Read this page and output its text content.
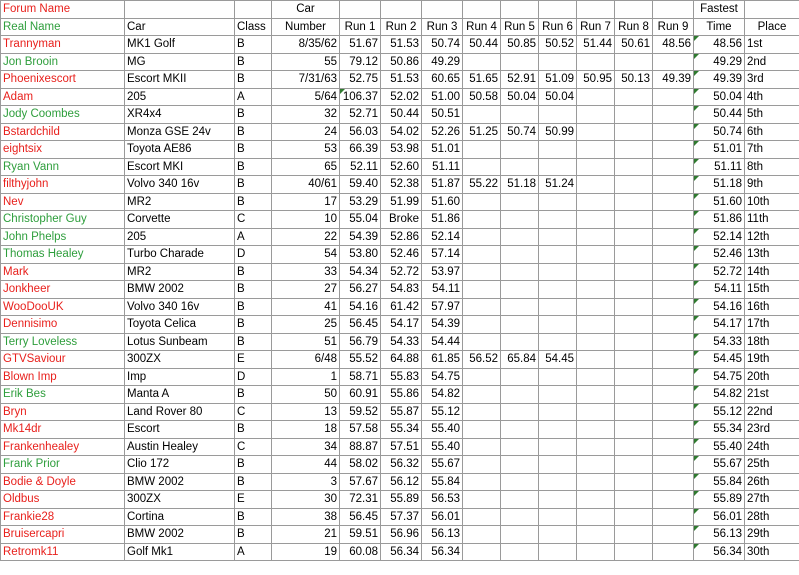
Forum Name			Car										Fastest	
Real Name	Car	Class	Number	Run 1	Run 2	Run 3	Run 4	Run 5	Run 6	Run 7	Run 8	Run 9	Time	Place
Trannyman	MK1 Golf	B	8/35/62	51.67	51.53	50.74	50.44	50.85	50.52	51.44	50.61	48.56	48.56	1st
Jon Brooin	MG	B	55	79.12	50.86	49.29							49.29	2nd
Phoenixescort	Escort MKII	B	7/31/63	52.75	51.53	60.65	51.65	52.91	51.09	50.95	50.13	49.39	49.39	3rd
Adam	205	A	5/64	106.37	52.02	51.00	50.58	50.04	50.04				50.04	4th
Jody Coombes	XR4x4	B	32	52.71	50.44	50.51							50.44	5th
Bstardchild	Monza GSE 24v	B	24	56.03	54.02	52.26	51.25	50.74	50.99				50.74	6th
eightsix	Toyota AE86	B	53	66.39	53.98	51.01							51.01	7th
Ryan Vann	Escort MKI	B	65	52.11	52.60	51.11							51.11	8th
filthyjohn	Volvo 340 16v	B	40/61	59.40	52.38	51.87	55.22	51.18	51.24				51.18	9th
Nev	MR2	B	17	53.29	51.99	51.60							51.60	10th
Christopher Guy	Corvette	C	10	55.04	Broke	51.86							51.86	11th
John Phelps	205	A	22	54.39	52.86	52.14							52.14	12th
Thomas Healey	Turbo Charade	D	54	53.80	52.46	57.14							52.46	13th
Mark	MR2	B	33	54.34	52.72	53.97							52.72	14th
Jonkheer	BMW 2002	B	27	56.27	54.83	54.11							54.11	15th
WooDooUK	Volvo 340 16v	B	41	54.16	61.42	57.97							54.16	16th
Dennisimo	Toyota Celica	B	25	56.45	54.17	54.39							54.17	17th
Terry Loveless	Lotus Sunbeam	B	51	56.79	54.33	54.44							54.33	18th
GTVSaviour	300ZX	E	6/48	55.52	64.88	61.85	56.52	65.84	54.45				54.45	19th
Blown Imp	Imp	D	1	58.71	55.83	54.75							54.75	20th
Erik Bes	Manta A	B	50	60.91	55.86	54.82							54.82	21st
Bryn	Land Rover 80	C	13	59.52	55.87	55.12							55.12	22nd
Mk14dr	Escort	B	18	57.58	55.34	55.40							55.34	23rd
Frankenhealey	Austin Healey	C	34	88.87	57.51	55.40							55.40	24th
Frank Prior	Clio 172	B	44	58.02	56.32	55.67							55.67	25th
Bodie & Doyle	BMW 2002	B	3	57.67	56.12	55.84							55.84	26th
Oldbus	300ZX	E	30	72.31	55.89	56.53							55.89	27th
Frankie28	Cortina	B	38	56.45	57.37	56.01							56.01	28th
Bruisercapri	BMW 2002	B	21	59.51	56.96	56.13							56.13	29th
Retromk11	Golf Mk1	A	19	60.08	56.34	56.34							56.34	30th
